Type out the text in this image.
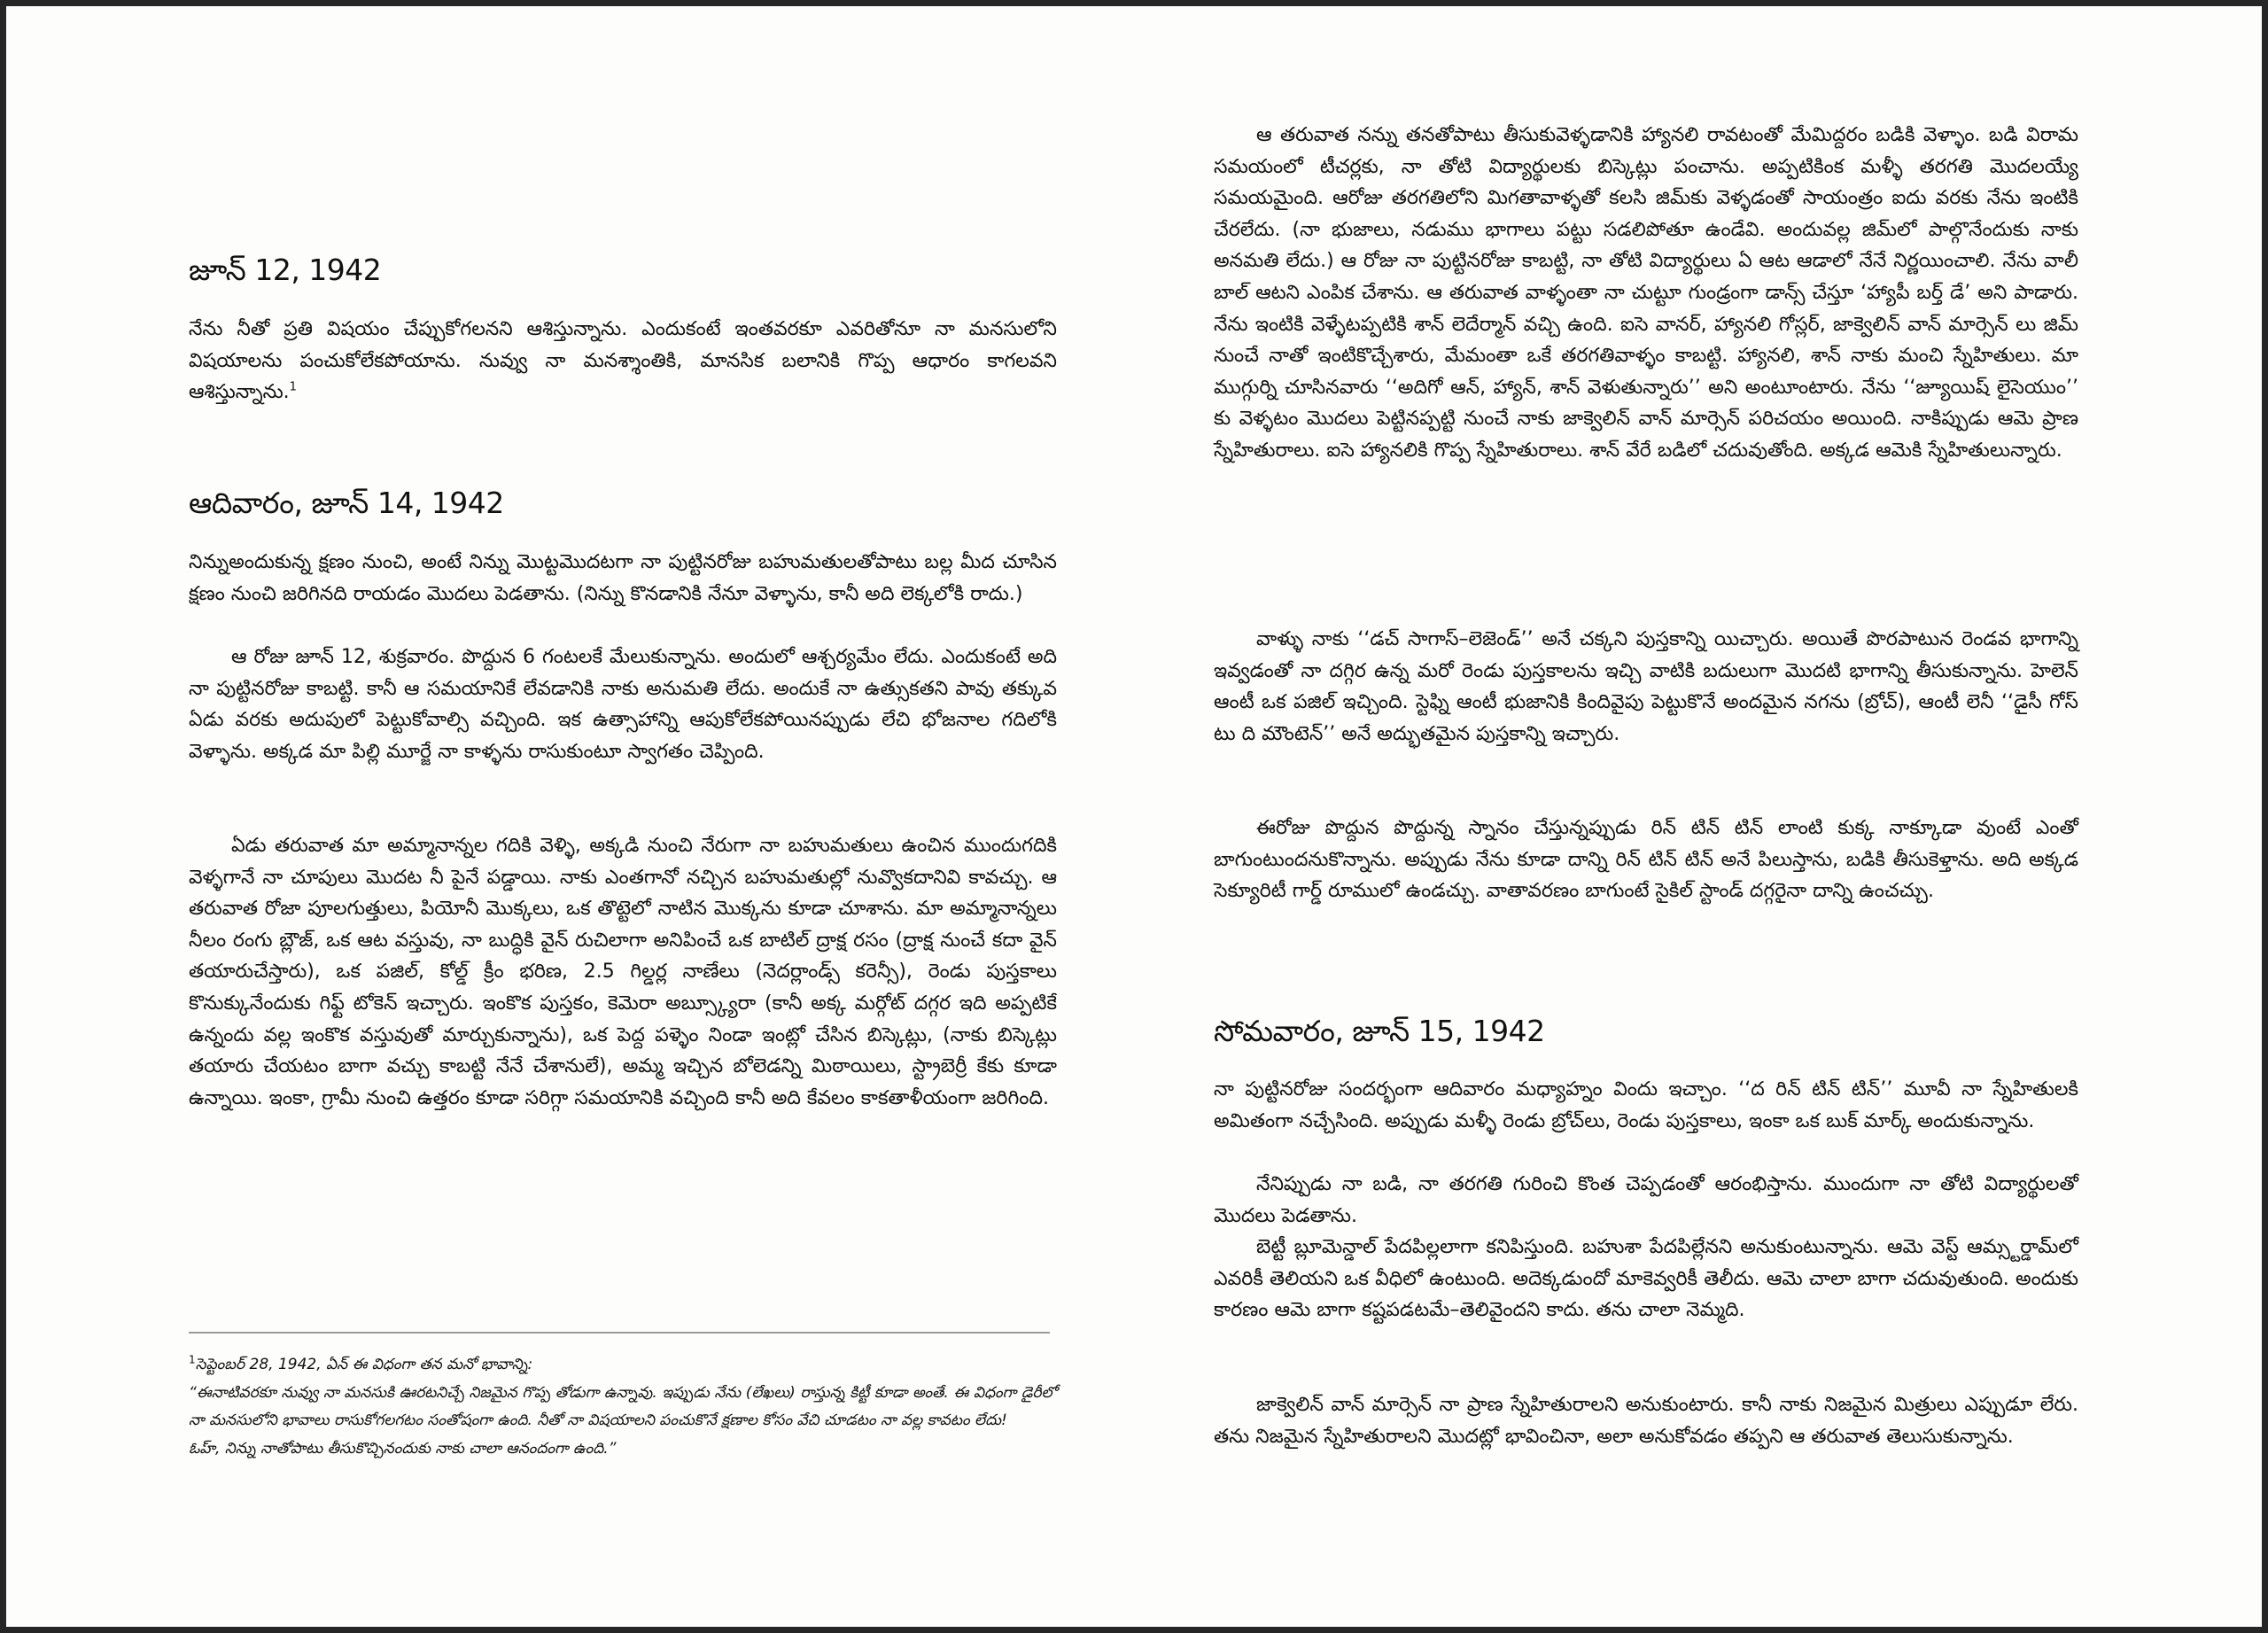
జూన్ 12, 1942

నేను నీతో ప్రతి విషయం చేప్పుకోగలనని ఆశిస్తున్నాను. ఎందుకంటే ఇంతవరకూ ఎవరితోనూ నా మనసులోని విషయాలను పంచుకోలేకపోయాను. నువ్వు నా మనశ్శాంతికి, మానసిక బలానికి గొప్ప ఆధారం కాగలవని ఆశిస్తున్నాను.$^1$

ఆదివారం, జూన్ 14, 1942

నిన్నుఅందుకున్న క్షణం నుంచి, అంటే నిన్ను మొట్టమొదటగా నా పుట్టినరోజు బహుమతులతోపాటు బల్ల మీద చూసిన క్షణం నుంచి జరిగినది రాయడం మొదలు పెడతాను. (నిన్ను కొనడానికి నేనూ వెళ్ళాను, కానీ అది లెక్కలోకి రాదు.)

ఆ రోజు జూన్ 12, శుక్రవారం. పొద్దున 6 గంటలకే మేలుకున్నాను. అందులో ఆశ్చర్యమేం లేదు. ఎందుకంటే అది నా పుట్టినరోజు కాబట్టి. కానీ ఆ సమయానికే లేవడానికి నాకు అనుమతి లేదు. అందుకే నా ఉత్సుకతని పావు తక్కువ ఏడు వరకు అదుపులో పెట్టుకోవాల్సి వచ్చింది. ఇక ఉత్సాహాన్ని ఆపుకోలేకపోయినప్పుడు లేచి భోజనాల గదిలోకి వెళ్ళాను. అక్కడ మా పిల్లి మూర్జే నా కాళ్ళను రాసుకుంటూ స్వాగతం చెప్పింది.

ఏడు తరువాత మా అమ్మానాన్నల గదికి వెళ్ళి, అక్కడి నుంచి నేరుగా నా బహుమతులు ఉంచిన ముందుగదికి వెళ్ళగానే నా చూపులు మొదట నీ పైనే పడ్డాయి. నాకు ఎంతగానో నచ్చిన బహుమతుల్లో నువ్వొకదానివి కావచ్చు. ఆ తరువాత రోజా పూలగుత్తులు, పియోనీ మొక్కలు, ఒక తొట్టెలో నాటిన మొక్కను కూడా చూశాను. మా అమ్మానాన్నలు నీలం రంగు బ్లౌజ్, ఒక ఆట వస్తువు, నా బుద్ధికి వైన్ రుచిలాగా అనిపించే ఒక బాటిల్ ద్రాక్ష రసం (ద్రాక్ష నుంచే కదా వైన్ తయారుచేస్తారు), ఒక పజిల్, కోల్డ్ క్రీం భరిణ, 2.5 గిల్డర్ల నాణేలు (నెదర్లాండ్స్ కరెన్సీ), రెండు పుస్తకాలు కొనుక్కునేందుకు గిఫ్ట్ టోకెన్ ఇచ్చారు. ఇంకొక పుస్తకం, కెమెరా అబ్స్క్యూరా (కానీ అక్క మర్గోట్ దగ్గర ఇది అప్పటికే ఉన్నందు వల్ల ఇంకొక వస్తువుతో మార్చుకున్నాను), ఒక పెద్ద పళ్ళెం నిండా ఇంట్లో చేసిన బిస్కెట్లు, (నాకు బిస్కెట్లు తయారు చేయటం బాగా వచ్చు కాబట్టి నేనే చేశానులే), అమ్మ ఇచ్చిన బోలెడన్ని మిఠాయిలు, స్ట్రాబెర్రీ కేకు కూడా ఉన్నాయి. ఇంకా, గ్రామీ నుంచి ఉత్తరం కూడా సరిగ్గా సమయానికి వచ్చింది కానీ అది కేవలం కాకతాళీయంగా జరిగింది.

$^1$సెప్టెంబర్ 28, 1942, ఏన్ ఈ విధంగా తన మనో భావాన్ని:

“ఈనాటివరకూ నువ్వు నా మనసుకి ఊరటనిచ్చే నిజమైన గొప్ప తోడుగా ఉన్నావు. ఇప్పుడు నేను (లేఖలు) రాస్తున్న కిట్టీ కూడా అంతే. ఈ విధంగా డైరీలో నా మనసులోని భావాలు రాసుకోగలగటం సంతోషంగా ఉంది. నీతో నా విషయాలని పంచుకొనే క్షణాల కోసం వేచి చూడటం నా వల్ల కావటం లేదు!

ఓహ్, నిన్ను నాతోపాటు తీసుకొచ్చినందుకు నాకు చాలా ఆనందంగా ఉంది.”

ఆ తరువాత నన్ను తనతోపాటు తీసుకువెళ్ళడానికి హ్యానలి రావటంతో మేమిద్దరం బడికి వెళ్ళాం. బడి విరామ సమయంలో టీచర్లకు, నా తోటి విద్యార్థులకు బిస్కెట్లు పంచాను. అప్పటికింక మళ్ళీ తరగతి మొదలయ్యే సమయమైంది. ఆరోజు తరగతిలోని మిగతావాళ్ళతో కలసి జిమ్‌కు వెళ్ళడంతో సాయంత్రం ఐదు వరకు నేను ఇంటికి చేరలేదు. (నా భుజాలు, నడుము భాగాలు పట్టు సడలిపోతూ ఉండేవి. అందువల్ల జిమ్‌లో పాల్గొనేందుకు నాకు అనమతి లేదు.) ఆ రోజు నా పుట్టినరోజు కాబట్టి, నా తోటి విద్యార్థులు ఏ ఆట ఆడాలో నేనే నిర్ణయించాలి. నేను వాలీ బాల్ ఆటని ఎంపిక చేశాను. ఆ తరువాత వాళ్ళంతా నా చుట్టూ గుండ్రంగా డాన్స్ చేస్తూ ‘హ్యాపీ బర్త్ డే’ అని పాడారు. నేను ఇంటికి వెళ్ళేటప్పటికి శాన్ లెదేర్మాన్ వచ్చి ఉంది. ఐసె వానర్, హ్యానలి గోస్లర్, జాక్వెలిన్ వాన్ మార్సెన్ లు జిమ్ నుంచే నాతో ఇంటికొచ్చేశారు, మేమంతా ఒకే తరగతివాళ్ళం కాబట్టి. హ్యానలి, శాన్ నాకు మంచి స్నేహితులు. మా ముగ్గుర్ని చూసినవారు ‘‘అదిగో ఆన్, హ్యాన్, శాన్ వెళుతున్నారు’’ అని అంటూంటారు. నేను ‘‘జ్యూయిష్ లైసెయుం’’ కు వెళ్ళటం మొదలు పెట్టినప్పట్టి నుంచే నాకు జాక్వెలిన్ వాన్ మార్సెన్ పరిచయం అయింది. నాకిప్పుడు ఆమె ప్రాణ స్నేహితురాలు. ఐసె హ్యానలికి గొప్ప స్నేహితురాలు. శాన్ వేరే బడిలో చదువుతోంది. అక్కడ ఆమెకి స్నేహితులున్నారు.

వాళ్ళు నాకు ‘‘డచ్ సాగాస్–లెజెండ్’’ అనే చక్కని పుస్తకాన్ని యిచ్చారు. అయితే పొరపాటున రెండవ భాగాన్ని ఇవ్వడంతో నా దగ్గిర ఉన్న మరో రెండు పుస్తకాలను ఇచ్చి వాటికి బదులుగా మొదటి భాగాన్ని తీసుకున్నాను. హెలెన్ ఆంటీ ఒక పజిల్ ఇచ్చింది. స్టెఫ్ని ఆంటీ భుజానికి కిందివైపు పెట్టుకొనే అందమైన నగను (బ్రోచ్), ఆంటీ లెనీ ‘‘డైసీ గోస్ టు ది మౌంటెన్’’ అనే అద్భుతమైన పుస్తకాన్ని ఇచ్చారు.

ఈరోజు పొద్దున పొద్దున్న స్నానం చేస్తున్నప్పుడు రిన్ టిన్ టిన్ లాంటి కుక్క నాక్కూడా వుంటే ఎంతో బాగుంటుందనుకొన్నాను. అప్పుడు నేను కూడా దాన్ని రిన్ టిన్ టిన్ అనే పిలుస్తాను, బడికి తీసుకెళ్తాను. అది అక్కడ సెక్యూరిటీ గార్డ్ రూములో ఉండచ్చు. వాతావరణం బాగుంటే సైకిల్ స్టాండ్ దగ్గరైనా దాన్ని ఉంచచ్చు.

సోమవారం, జూన్ 15, 1942

నా పుట్టినరోజు సందర్భంగా ఆదివారం మధ్యాహ్నం విందు ఇచ్చాం. ‘‘ద రిన్ టిన్ టిన్’’ మూవీ నా స్నేహితులకి అమితంగా నచ్చేసింది. అప్పుడు మళ్ళీ రెండు బ్రోచ్‌లు, రెండు పుస్తకాలు, ఇంకా ఒక బుక్ మార్క్ అందుకున్నాను.

నేనిప్పుడు నా బడి, నా తరగతి గురించి కొంత చెప్పడంతో ఆరంభిస్తాను. ముందుగా నా తోటి విద్యార్థులతో మొదలు పెడతాను.

బెట్టీ బ్లూమెన్డాల్ పేదపిల్లలాగా కనిపిస్తుంది. బహుశా పేదపిల్లేనని అనుకుంటున్నాను. ఆమె వెస్ట్ ఆమ్స్టర్డామ్‌లో ఎవరికీ తెలియని ఒక వీధిలో ఉంటుంది. అదెక్కడుందో మాకెవ్వరికీ తెలీదు. ఆమె చాలా బాగా చదువుతుంది. అందుకు కారణం ఆమె బాగా కష్టపడటమే–తెలివైందని కాదు. తను చాలా నెమ్మది.

జాక్వెలిన్ వాన్ మార్సెన్ నా ప్రాణ స్నేహితురాలని అనుకుంటారు. కానీ నాకు నిజమైన మిత్రులు ఎప్పుడూ లేరు. తను నిజమైన స్నేహితురాలని మొదట్లో భావించినా, అలా అనుకోవడం తప్పని ఆ తరువాత తెలుసుకున్నాను.
